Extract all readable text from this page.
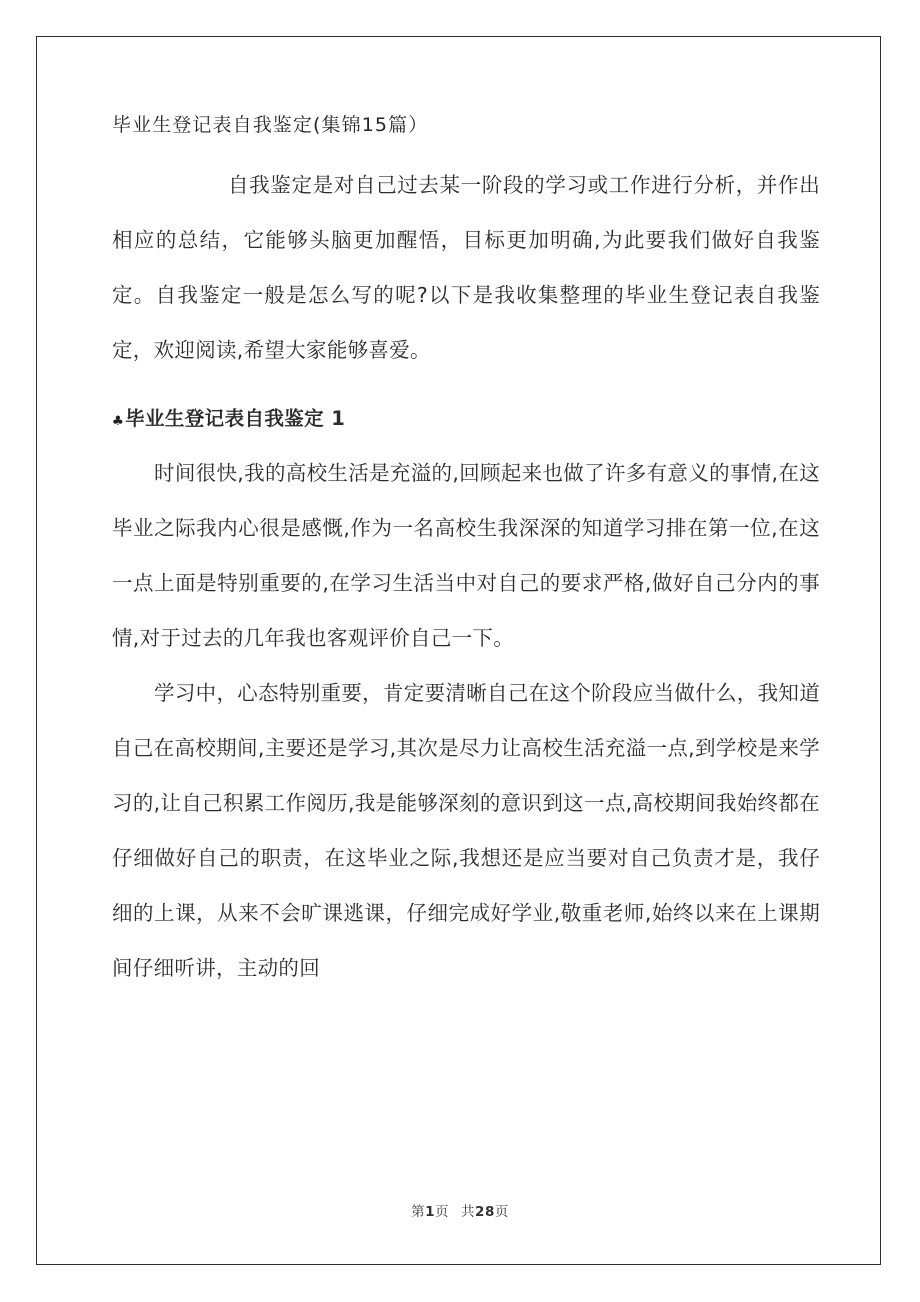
毕业生登记表自我鉴定(集锦15篇）

自我鉴定是对自己过去某一阶段的学习或工作进行分析，并作出相应的总结，它能够头脑更加醒悟，目标更加明确,为此要我们做好自我鉴定。自我鉴定一般是怎么写的呢?以下是我收集整理的毕业生登记表自我鉴定，欢迎阅读,希望大家能够喜爱。

♣ 毕业生登记表自我鉴定 1

时间很快,我的高校生活是充溢的,回顾起来也做了许多有意义的事情,在这毕业之际我内心很是感慨,作为一名高校生我深深的知道学习排在第一位,在这一点上面是特别重要的,在学习生活当中对自己的要求严格,做好自己分内的事情,对于过去的几年我也客观评价自己一下。

学习中，心态特别重要，肯定要清晰自己在这个阶段应当做什么，我知道自己在高校期间,主要还是学习,其次是尽力让高校生活充溢一点,到学校是来学习的,让自己积累工作阅历,我是能够深刻的意识到这一点,高校期间我始终都在仔细做好自己的职责，在这毕业之际,我想还是应当要对自己负责才是，我仔细的上课，从来不会旷课逃课，仔细完成好学业,敬重老师,始终以来在上课期间仔细听讲，主动的回

第1页 共28页
